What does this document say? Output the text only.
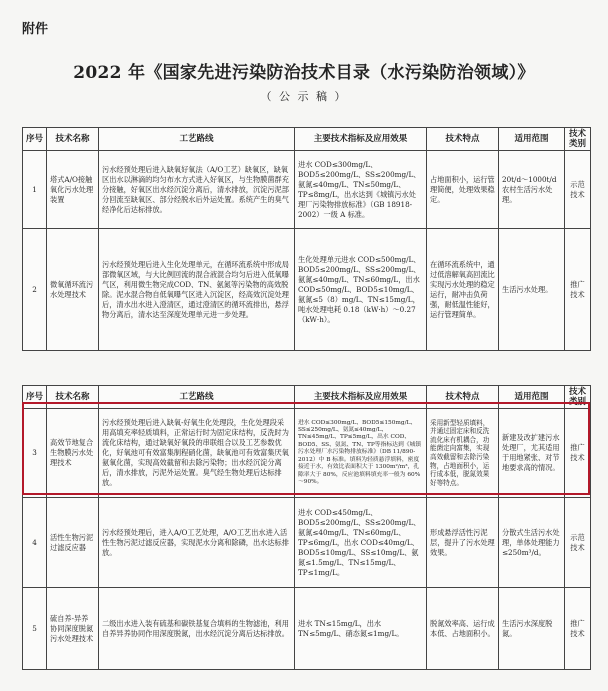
附件
2022 年《国家先进污染防治技术目录（水污染防治领域）》
（ 公 示 稿 ）
序号	技术名称	工艺路线	主要技术指标及应用效果	技术特点	适用范围	技术类别
1	塔式A/O接触氧化污水处理装置	污水经预处理后进入缺氧好氧法（A/O工艺）缺氧区，缺氧区出水以淋滴的均匀布水方式进入好氧区，与生物膜菌群充分接触，好氧区出水经沉淀分离后，清水排放，沉淀污泥部分回流至缺氧区、部分经脱水后外运处置。系统产生的臭气经净化后达标排放。	进水 COD≤300mg/L、BOD5≤200mg/L、SS≤200mg/L、氨氮≤40mg/L、TN≤50mg/L、TP≤8mg/L，出水达到《城镇污水处理厂污染物排放标准》（GB 18918-2002）一级 A 标准。	占地面积小，运行管理简便，处理效果稳定。	20t/d～1000t/d农村生活污水处理。	示范技术
2	微氧循环流污水处理技术	污水经预处理后进入生化处理单元，在循环流系统中形成局部微氧区域，与大比例回流的混合液混合均匀后进入低氧曝气区，利用微生物完成COD、TN、氨氮等污染物的高效脱除。泥水混合物自低氧曝气区进入沉淀区，经高效沉淀处理后，清水出水进入澄清区，通过澄清区的循环流排出，悬浮物分离后，清水达至深度处理单元进一步处理。	生化处理单元进水 COD≤500mg/L、BOD5≤200mg/L、SS≤200mg/L、氨氮≤40mg/L、TN≤60mg/L，出水 COD≤50mg/L、BOD5≤10mg/L、氨氮≤5（8）mg/L、TN≤15mg/L，吨水处理电耗 0.18（kW·h）～0.27（kW·h）。	在循环流系统中，通过低溶解氧高回流比实现污水处理的稳定运行，耐冲击负荷强，耐低温性能好，运行管理简单。	生活污水处理。	推广技术
序号	技术名称	工艺路线	主要技术指标及应用效果	技术特点	适用范围	技术类别
3	高效节地复合生物膜污水处理技术	污水经预处理后进入缺氧-好氧生化处理段，生化处理段采用高填充率轻质填料，正常运行时为固定床结构，反洗时为流化床结构，通过缺氧好氧段的串联组合以及工艺参数优化，好氧池可有效富集制程硝化菌，缺氧池可有效富集厌氧氨氧化菌，实现高效截留和去除污染物；出水经沉淀分离后，清水排放，污泥外运处置。臭气经生物处理后达标排放。	进水 COD≤300mg/L、BOD5≤150mg/L、SS≤250mg/L、氨氮≤40mg/L、TN≤45mg/L、TP≤5mg/L，出水 COD、BOD5、SS、氨氮、TN、TP等指标达到《城镇污水处理厂水污染物排放标准》（DB 11/890-2012）中 B 标准。填料为轻质悬浮填料，密度接近于水，有效比表面积大于 1300m²/m³，孔隙率大于 80%，反应池填料填充率一般为 60%～90%。	采用新型轻质填料，并通过固定床和反洗流化床有机耦合，功能菌定向富集，实现高效截留和去除污染物，占地面积小，运行成本低，脱氮效果好等特点。	新建及改扩建污水处理厂，尤其适用于用地紧张、对节地要求高的情况。	推广技术
4	活性生物污泥过滤反应器	污水经预处理后，进入A/O工艺处理，A/O工艺出水进入活性生物污泥过滤反应器，实现泥水分离和除磷，出水达标排放。	进水 COD≤450mg/L、BOD5≤200mg/L、SS≤200mg/L、氨氮≤40mg/L、TN≤60mg/L、TP≤6mg/L，出水 COD≤40mg/L、BOD5≤10mg/L、SS≤10mg/L、氨氮≤1.5mg/L、TN≤15mg/L、TP≤1mg/L。	形成悬浮活性污泥层，提升了污水处理效果。	分散式生活污水处理，单体处理能力≤250m³/d。	示范技术
5	硫自养-异养协同深度脱氮污水处理技术	二级出水进入装有硫基和碳铁基复合填料的生物滤池，利用自养异养协同作用深度脱氮，出水经沉淀分离后达标排放。	进水 TN≤15mg/L，出水 TN≤5mg/L、硝态氮≤1mg/L。	脱氮效率高、运行成本低、占地面积小。	生活污水深度脱氮。	推广技术
